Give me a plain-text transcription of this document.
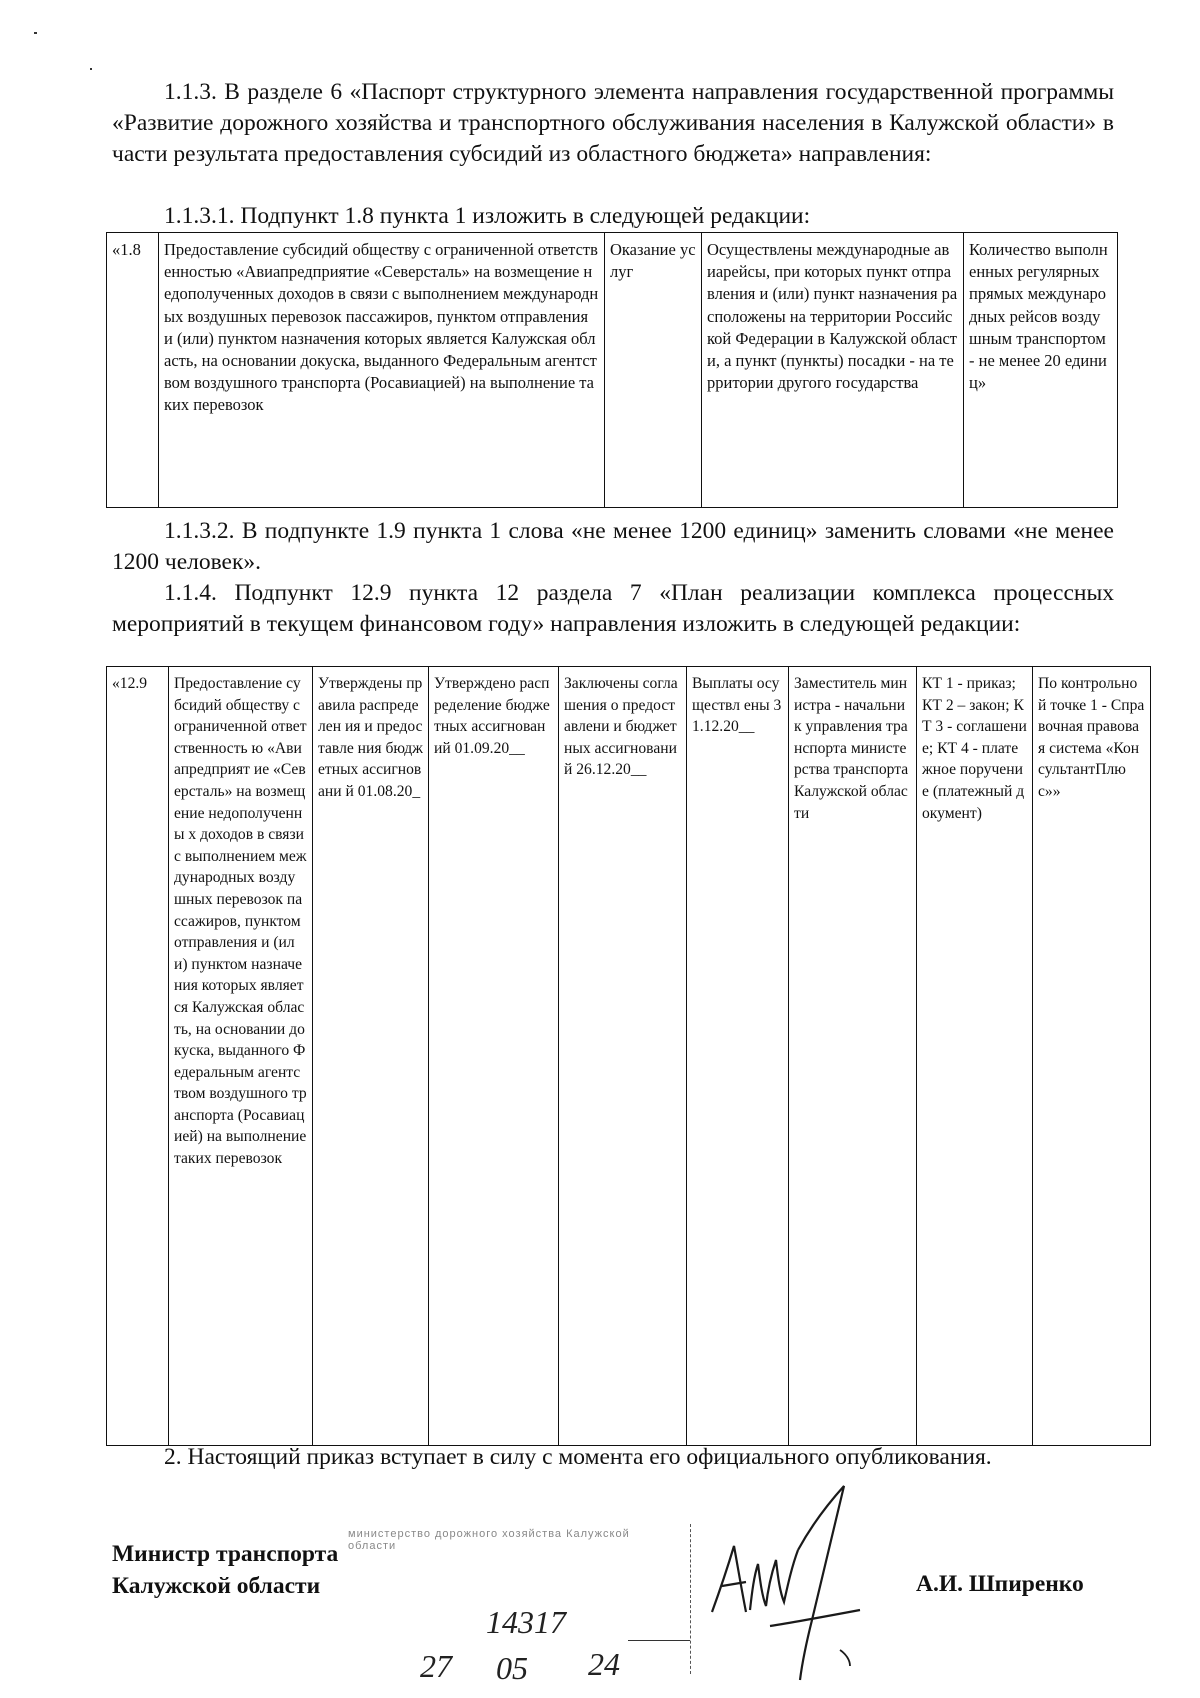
1.1.3. В разделе 6 «Паспорт структурного элемента направления государственной программы «Развитие дорожного хозяйства и транспортного обслуживания населения в Калужской области» в части результата предоставления субсидий из областного бюджета» направления:
1.1.3.1. Подпункт 1.8 пункта 1 изложить в следующей редакции:
«1.8	Предоставление субсидий обществу с ограниченной ответственностью «Авиапредприятие «Северсталь» на возмещение недополученных доходов в связи с выполнением международных воздушных перевозок пассажиров, пунктом отправления и (или) пунктом назначения которых является Калужская область, на основании докуска, выданного Федеральным агентством воздушного транспорта (Росавиацией) на выполнение таких перевозок	Оказание услуг	Осуществлены международные авиарейсы, при которых пункт отправления и (или) пункт назначения расположены на территории Российской Федерации в Калужской области, а пункт (пункты) посадки - на территории другого государства	Количество выполненных регулярных прямых международных рейсов воздушным транспортом - не менее 20 единиц»
1.1.3.2. В подпункте 1.9 пункта 1 слова «не менее 1200 единиц» заменить словами «не менее 1200 человек».
1.1.4. Подпункт 12.9 пункта 12 раздела 7 «План реализации комплекса процессных мероприятий в текущем финансовом году» направления изложить в следующей редакции:
«12.9	Предоставление субсидий обществу с ограниченной ответственность ю «Авиапредприят ие «Северсталь» на возмещение недополученны х доходов в связи с выполнением международных воздушных перевозок пассажиров, пунктом отправления и (или) пунктом назначения которых является Калужская область, на основании докуска, выданного Федеральным агентством воздушного транспорта (Росавиацией) на выполнение таких перевозок	Утверждены правила распределен ия и предоставле ния бюджетных ассигновани й 01.08.20_	Утверждено распределение бюджетных ассигнований 01.09.20__	Заключены соглашения о предоставлени и бюджетных ассигнований 26.12.20__	Выплаты осуществл ены 31.12.20__	Заместитель министра - начальник управления транспорта министерства транспорта Калужской области	КТ 1 - приказ; КТ 2 – закон; КТ 3 - соглашение; КТ 4 - платежное поручение (платежный документ)	По контрольной точке 1 - Справочная правовая система «КонсультантПлюс»»
2. Настоящий приказ вступает в силу с момента его официального опубликования.
Министр транспорта
Калужской области	А.И. Шпиренко
министерство дорожного хозяйства Калужской области
14317
27 05 24
